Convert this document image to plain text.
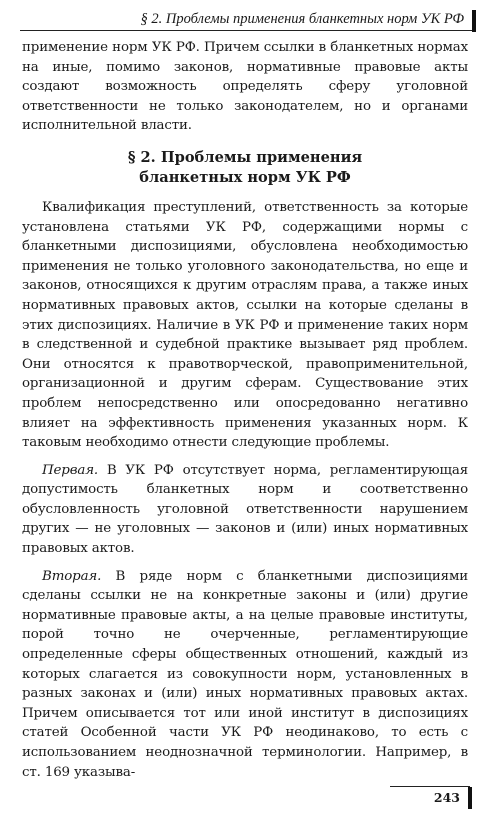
§ 2. Проблемы применения бланкетных норм УК РФ

применение норм УК РФ. Причем ссылки в бланкетных нормах на иные, помимо законов, нормативные правовые акты создают возможность определять сферу уголовной ответственности не только законодателем, но и органами исполнительной власти.

§ 2. Проблемы применения
бланкетных норм УК РФ

Квалификация преступлений, ответственность за которые установлена статьями УК РФ, содержащими нормы с бланкетными диспозициями, обусловлена необходимостью применения не только уголовного законодательства, но еще и законов, относящихся к другим отраслям права, а также иных нормативных правовых актов, ссылки на которые сделаны в этих диспозициях. Наличие в УК РФ и применение таких норм в следственной и судебной практике вызывает ряд проблем. Они относятся к правотворческой, правоприменительной, организационной и другим сферам. Существование этих проблем непосредственно или опосредованно негативно влияет на эффективность применения указанных норм. К таковым необходимо отнести следующие проблемы.

Первая. В УК РФ отсутствует норма, регламентирующая допустимость бланкетных норм и соответственно обусловленность уголовной ответственности нарушением других — не уголовных — законов и (или) иных нормативных правовых актов.

Вторая. В ряде норм с бланкетными диспозициями сделаны ссылки не на конкретные законы и (или) другие нормативные правовые акты, а на целые правовые институты, порой точно не очерченные, регламентирующие определенные сферы общественных отношений, каждый из которых слагается из совокупности норм, установленных в разных законах и (или) иных нормативных правовых актах. Причем описывается тот или иной институт в диспозициях статей Особенной части УК РФ неодинаково, то есть с использованием неоднозначной терминологии. Например, в ст. 169 указыва-

243
